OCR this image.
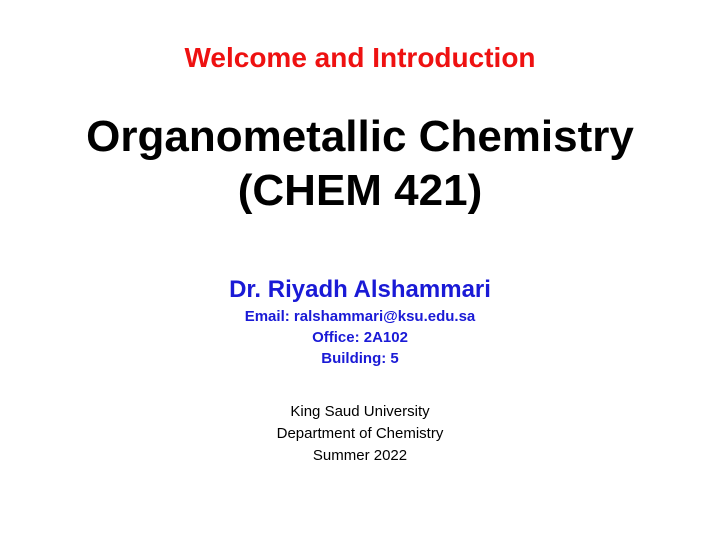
Welcome and Introduction

Organometallic Chemistry
(CHEM 421)

Dr. Riyadh Alshammari

Email: ralshammari@ksu.edu.sa

Office: 2A102

Building: 5

King Saud University

Department of Chemistry

Summer 2022
